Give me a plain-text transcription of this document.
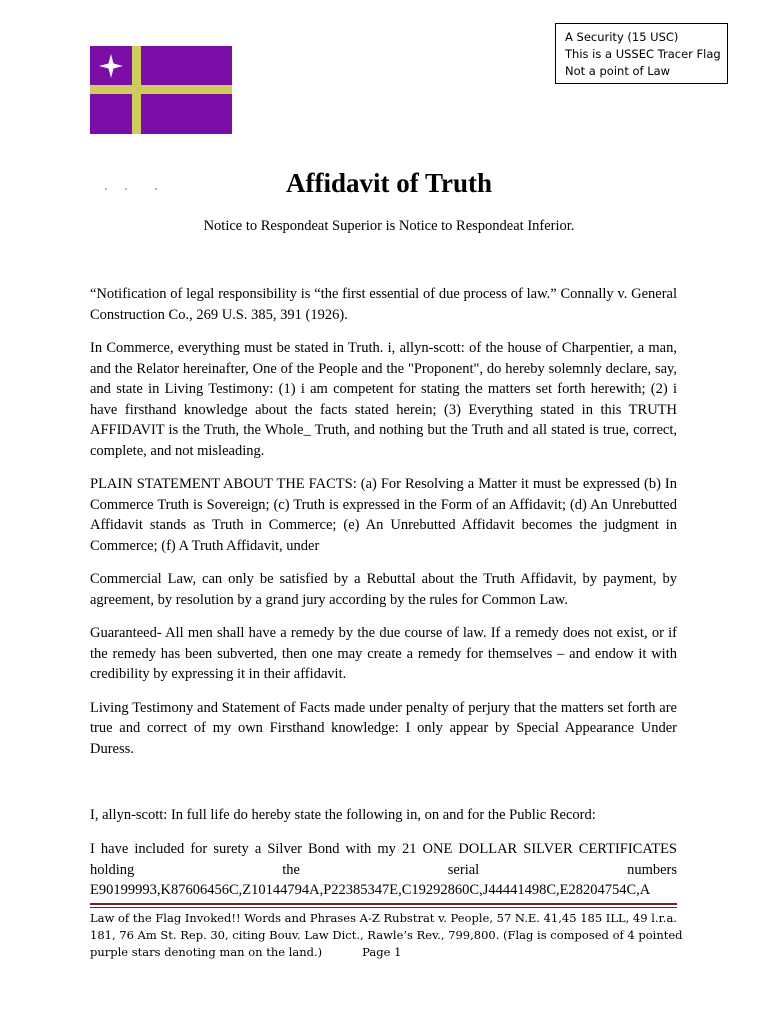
A Security (15 USC)
This is a USSEC Tracer Flag
Not a point of Law
Affidavit of Truth
Notice to Respondeat Superior is Notice to Respondeat Inferior.

“Notification of legal responsibility is “the first essential of due process of law.” Connally v. General Construction Co., 269 U.S. 385, 391 (1926).

In Commerce, everything must be stated in Truth. i, allyn-scott: of the house of Charpentier, a man, and the Relator hereinafter, One of the People and the "Proponent", do hereby solemnly declare, say, and state in Living Testimony: (1) i am competent for stating the matters set forth herewith; (2) i have firsthand knowledge about the facts stated herein; (3) Everything stated in this TRUTH AFFIDAVIT is the Truth, the Whole_ Truth, and nothing but the Truth and all stated is true, correct, complete, and not misleading.

PLAIN STATEMENT ABOUT THE FACTS: (a) For Resolving a Matter it must be expressed (b) In Commerce Truth is Sovereign; (c) Truth is expressed in the Form of an Affidavit; (d) An Unrebutted Affidavit stands as Truth in Commerce; (e) An Unrebutted Affidavit becomes the judgment in Commerce; (f) A Truth Affidavit, under

Commercial Law, can only be satisfied by a Rebuttal about the Truth Affidavit, by payment, by agreement, by resolution by a grand jury according by the rules for Common Law.

Guaranteed- All men shall have a remedy by the due course of law. If a remedy does not exist, or if the remedy has been subverted, then one may create a remedy for themselves – and endow it with credibility by expressing it in their affidavit.

Living Testimony and Statement of Facts made under penalty of perjury that the matters set forth are true and correct of my own Firsthand knowledge: I only appear by Special Appearance Under Duress.

I, allyn-scott: In full life do hereby state the following in, on and for the Public Record:
I have included for surety a Silver Bond with my 21 ONE DOLLAR SILVER CERTIFICATES
holding	the	serial	numbers
E90199993,K87606456C,Z10144794A,P22385347E,C19292860C,J44441498C,E28204754C,A
Law of the Flag Invoked!! Words and Phrases A-Z Rubstrat v. People, 57 N.E. 41,45 185 ILL, 49 l.r.a.
181, 76 Am St. Rep. 30, citing Bouv. Law Dict., Rawle’s Rev., 799,800. (Flag is composed of 4 pointed
purple stars denoting man on the land.)	Page 1
